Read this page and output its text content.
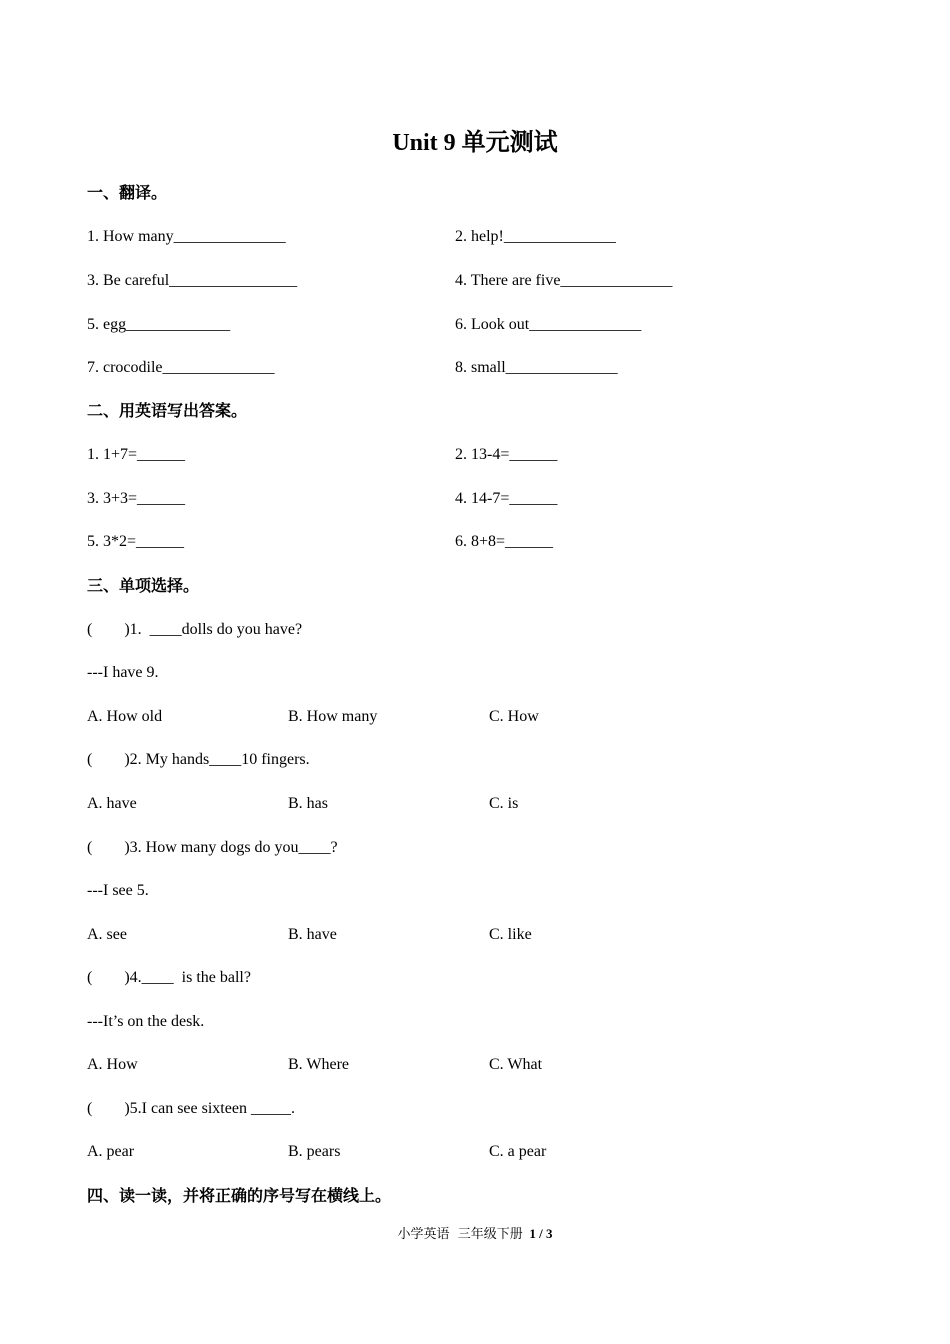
Unit 9 单元测试
一、翻译。
1. How many______________	2. help!______________
3. Be careful________________	4. There are five______________
5. egg_____________	6. Look out______________
7. crocodile______________	8. small______________
二、用英语写出答案。
1. 1+7=______	2. 13-4=______
3. 3+3=______	4. 14-7=______
5. 3*2=______	6. 8+8=______
三、单项选择。
(        )1.  ____dolls do you have?
---I have 9.
A. How old	B. How many	C. How
(        )2. My hands____10 fingers.
A. have	B. has	C. is
(        )3. How many dogs do you____?
---I see 5.
A. see	B. have	C. like
(        )4.____  is the ball?
---It’s on the desk.
A. How	B. Where	C. What
(        )5.I can see sixteen _____.
A. pear	B. pears	C. a pear
四、读一读，并将正确的序号写在横线上。
小学英语  三年级下册 1 / 3
